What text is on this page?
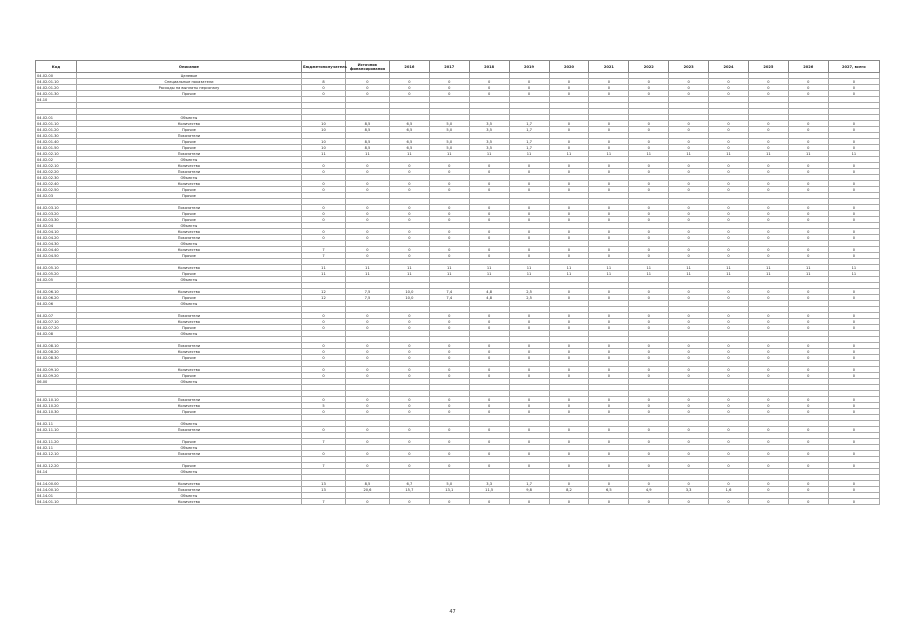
Код	Описание	Бюджетополучатель	Источник финансирования	2016	2017	2018	2019	2020	2021	2022	2023	2024	2025	2026	2027, всего
04.02.00	Целевые														
04.02.01.10	Специальные показатели	8	0	0	0	0	0	0	0	0	0	0	0	0	0
04.02.01.20	Расходы на выплаты персоналу	0	0	0	0	0	0	0	0	0	0	0	0	0	0
04.02.01.30	Прочие	0	0	0	0	0	0	0	0	0	0	0	0	0	0
04.10															

04.02.01	Объекты														
04.02.01.10	Количество	10	8,5	6,5	5,0	3,5	1,7	0	0	0	0	0	0	0	0
04.02.01.20	Прочие	10	8,5	6,5	5,0	3,5	1,7	0	0	0	0	0	0	0	0
04.02.01.30	Показатели														
04.02.01.40	Прочие	10	8,5	6,5	5,0	3,5	1,7	0	0	0	0	0	0	0	0
04.02.01.50	Прочие	10	8,5	6,5	5,0	3,5	1,7	0	0	0	0	0	0	0	0
04.02.02.10	Показатели	11	11	11	11	11	11	11	11	11	11	11	11	11	11
04.02.02	Объекты														
04.02.02.10	Количество	0	0	0	0	0	0	0	0	0	0	0	0	0	0
04.02.02.20	Показатели	0	0	0	0	0	0	0	0	0	0	0	0	0	0
04.02.02.30	Объекты														
04.02.02.40	Количество	0	0	0	0	0	0	0	0	0	0	0	0	0	0
04.02.02.50	Прочие	0	0	0	0	0	0	0	0	0	0	0	0	0	0
04.02.03	Прочие														

04.02.03.10	Показатели	0	0	0	0	0	0	0	0	0	0	0	0	0	0
04.02.03.20	Прочие	0	0	0	0	0	0	0	0	0	0	0	0	0	0
04.02.03.30	Прочие	0	0	0	0	0	0	0	0	0	0	0	0	0	0
04.02.04	Объекты														
04.02.04.10	Количество	0	0	0	0	0	0	0	0	0	0	0	0	0	0
04.02.04.20	Показатели	0	0	0	0	0	0	0	0	0	0	0	0	0	0
04.02.04.30	Объекты														
04.02.04.40	Количество	7	0	0	0	0	0	0	0	0	0	0	0	0	0
04.02.04.50	Прочие	7	0	0	0	0	0	0	0	0	0	0	0	0	0

04.02.05.10	Количество	11	11	11	11	11	11	11	11	11	11	11	11	11	11
04.02.05.20	Прочие	11	11	11	11	11	11	11	11	11	11	11	11	11	11
04.02.05	Объекты														

04.02.06.10	Количество	12	7,5	10,0	7,4	4,8	2,5	0	0	0	0	0	0	0	0
04.02.06.20	Прочие	12	7,5	10,0	7,4	4,8	2,5	0	0	0	0	0	0	0	0
04.02.06	Объекты														

04.02.07	Показатели	0	0	0	0	0	0	0	0	0	0	0	0	0	0
04.02.07.10	Количество	0	0	0	0	0	0	0	0	0	0	0	0	0	0
04.02.07.20	Прочие	0	0	0	0	0	0	0	0	0	0	0	0	0	0
04.02.08	Объекты														

04.02.08.10	Показатели	0	0	0	0	0	0	0	0	0	0	0	0	0	0
04.02.08.20	Количество	0	0	0	0	0	0	0	0	0	0	0	0	0	0
04.02.08.30	Прочие	0	0	0	0	0	0	0	0	0	0	0	0	0	0

04.02.09.10	Количество	0	0	0	0	0	0	0	0	0	0	0	0	0	0
04.02.09.20	Прочие	0	0	0	0	0	0	0	0	0	0	0	0	0	0
06.00	Объекты														

04.02.10.10	Показатели	0	0	0	0	0	0	0	0	0	0	0	0	0	0
04.02.10.20	Количество	5	0	0	0	0	0	0	0	0	0	0	0	0	0
04.02.10.30	Прочие	0	0	0	0	0	0	0	0	0	0	0	0	0	0

04.02.11	Объекты														
04.02.11.10	Показатели	0	0	0	0	0	0	0	0	0	0	0	0	0	0

04.02.11.20	Прочие	7	0	0	0	0	0	0	0	0	0	0	0	0	0
04.02.11	Объекты														
04.02.12.10	Показатели	0	0	0	0	0	0	0	0	0	0	0	0	0	0

04.02.12.20	Прочие	7	0	0	0	0	0	0	0	0	0	0	0	0	0
04.14	Объекты														

04.14.00.00	Количество	13	8,5	6,7	5,0	3,3	1,7	0	0	0	0	0	0	0	0
04.14.00.10	Показатели	13	20,6	15,7	13,1	11,5	9,8	8,2	6,5	4,9	3,3	1,6	0	0	0
04.14.01	Объекты														
04.14.01.10	Количество	7	0	0	0	0	0	0	0	0	0	0	0	0	0
47
